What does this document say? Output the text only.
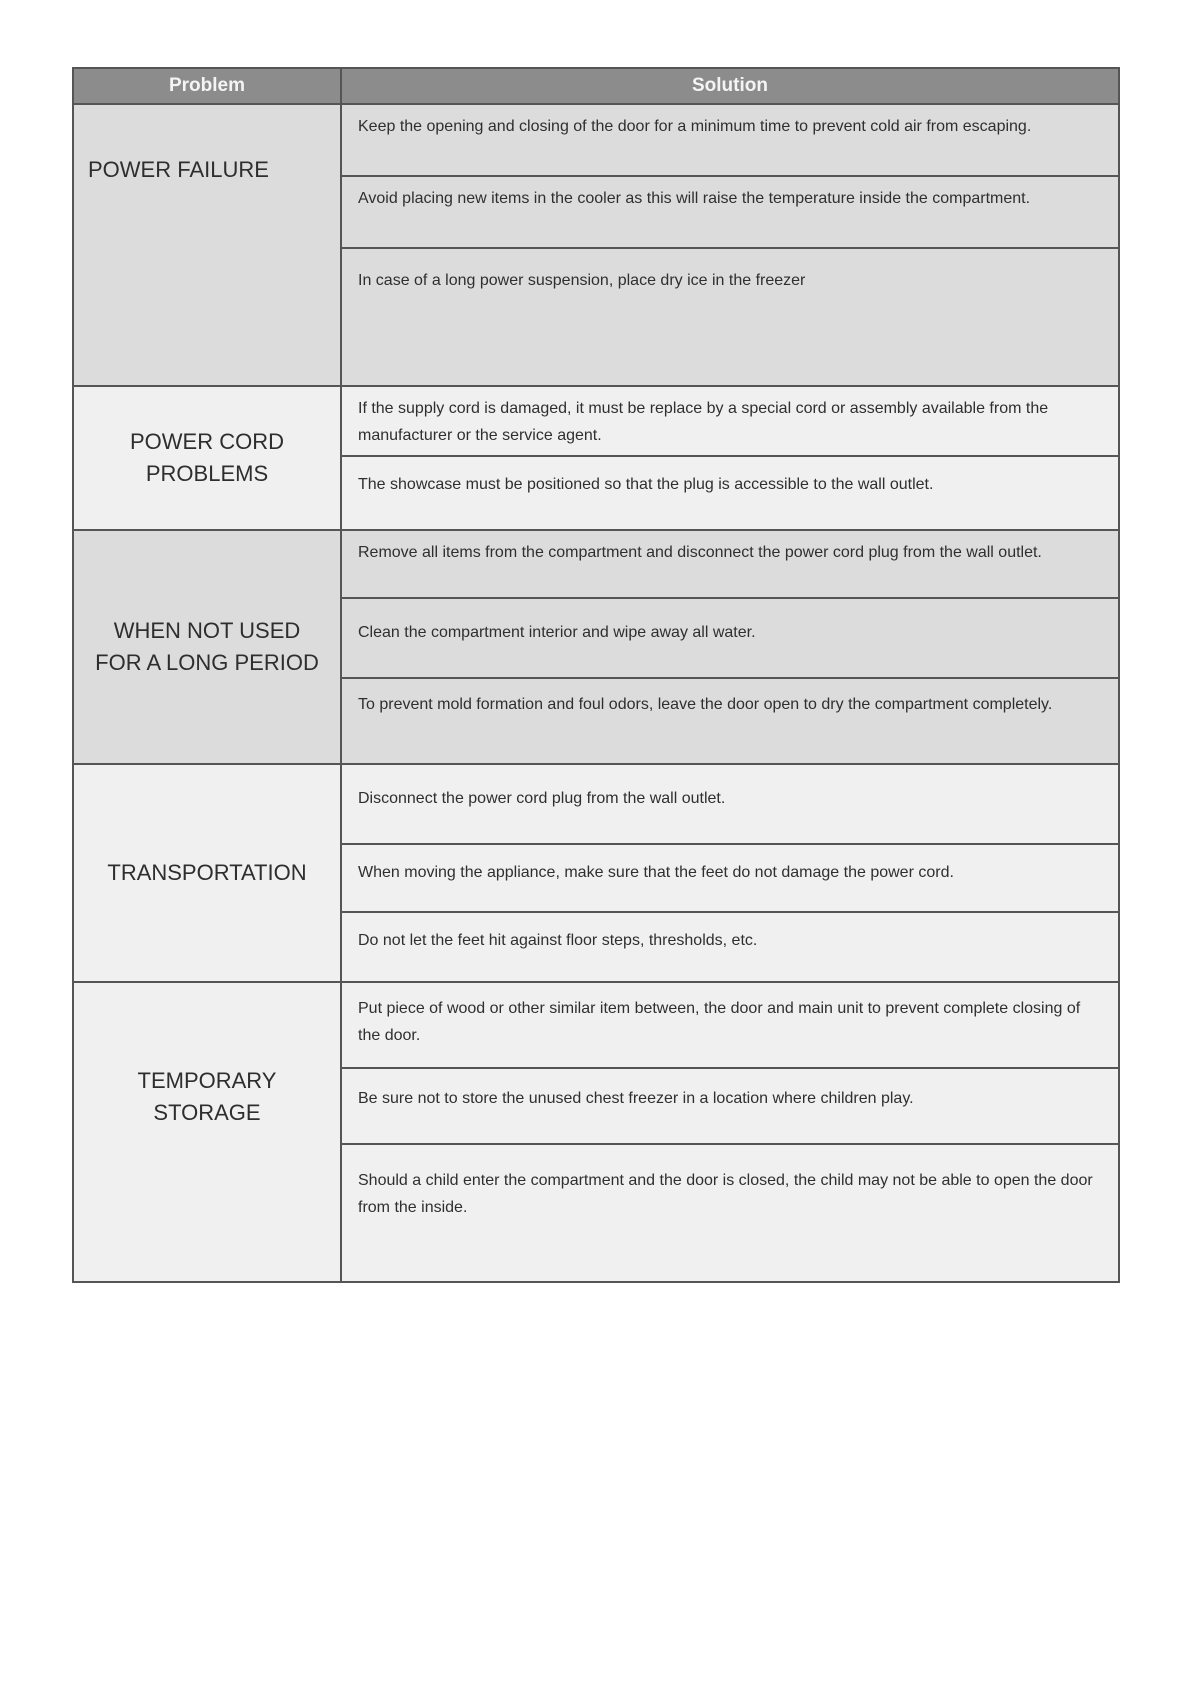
Problem	Solution

POWER FAILURE	Keep the opening and closing of the door for a minimum time to prevent cold air from escaping.
	Avoid placing new items in the cooler as this will raise the temperature inside the compartment.
	In case of a long power suspension, place dry ice in the freezer

POWER CORD
PROBLEMS	If the supply cord is damaged, it must be replace by a special cord or assembly available from the manufacturer or the service agent.
	The showcase must be positioned so that the plug is accessible to the wall outlet.

WHEN NOT USED
FOR A LONG PERIOD	Remove all items from the compartment and disconnect the power cord plug from the wall outlet.
	Clean the compartment interior and wipe away all water.
	To prevent mold formation and foul odors, leave the door open to dry the compartment completely.

TRANSPORTATION	Disconnect the power cord plug from the wall outlet.
	When moving the appliance, make sure that the feet do not damage the power cord.
	Do not let the feet hit against floor steps, thresholds, etc.

TEMPORARY
STORAGE	Put piece of wood or other similar item between, the door and main unit to prevent complete closing of the door.
	Be sure not to store the unused chest freezer in a location where children play.
	Should a child enter the compartment and the door is closed, the child may not be able to open the door from the inside.
